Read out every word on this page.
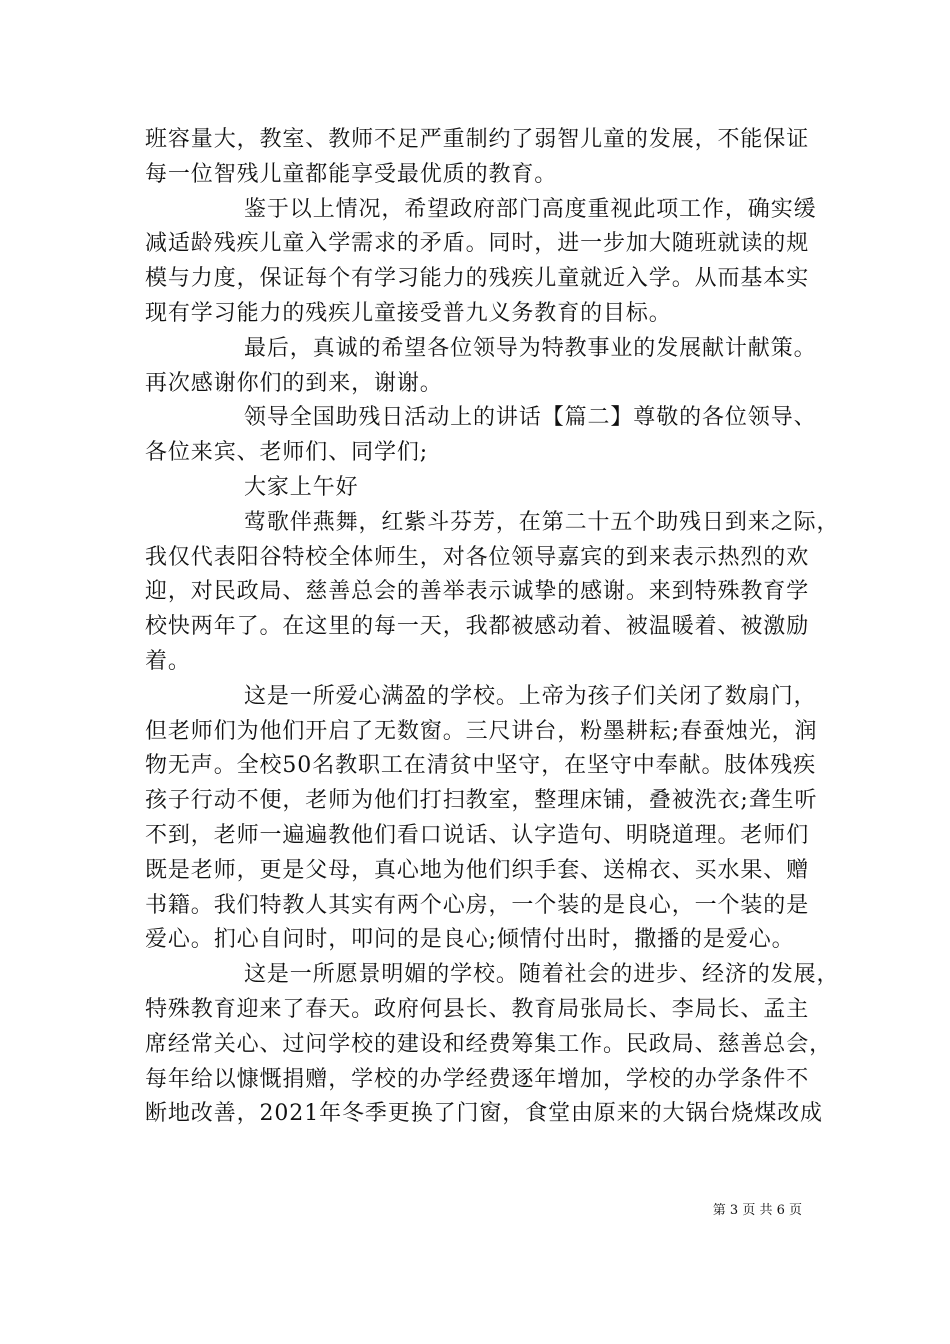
班容量大，教室、教师不足严重制约了弱智儿童的发展，不能保证
每一位智残儿童都能享受最优质的教育。
鉴于以上情况，希望政府部门高度重视此项工作，确实缓
减适龄残疾儿童入学需求的矛盾。同时，进一步加大随班就读的规
模与力度，保证每个有学习能力的残疾儿童就近入学。从而基本实
现有学习能力的残疾儿童接受普九义务教育的目标。
最后，真诚的希望各位领导为特教事业的发展献计献策。
再次感谢你们的到来，谢谢。
领导全国助残日活动上的讲话【篇二】尊敬的各位领导、
各位来宾、老师们、同学们;
大家上午好
莺歌伴燕舞，红紫斗芬芳，在第二十五个助残日到来之际，
我仅代表阳谷特校全体师生，对各位领导嘉宾的到来表示热烈的欢
迎，对民政局、慈善总会的善举表示诚挚的感谢。来到特殊教育学
校快两年了。在这里的每一天，我都被感动着、被温暖着、被激励
着。
这是一所爱心满盈的学校。上帝为孩子们关闭了数扇门，
但老师们为他们开启了无数窗。三尺讲台，粉墨耕耘;春蚕烛光，润
物无声。全校50名教职工在清贫中坚守，在坚守中奉献。肢体残疾
孩子行动不便，老师为他们打扫教室，整理床铺，叠被洗衣;聋生听
不到，老师一遍遍教他们看口说话、认字造句、明晓道理。老师们
既是老师，更是父母，真心地为他们织手套、送棉衣、买水果、赠
书籍。我们特教人其实有两个心房，一个装的是良心，一个装的是
爱心。扪心自问时，叩问的是良心;倾情付出时，撒播的是爱心。
这是一所愿景明媚的学校。随着社会的进步、经济的发展，
特殊教育迎来了春天。政府何县长、教育局张局长、李局长、孟主
席经常关心、过问学校的建设和经费筹集工作。民政局、慈善总会，
每年给以慷慨捐赠，学校的办学经费逐年增加，学校的办学条件不
断地改善，2021年冬季更换了门窗，食堂由原来的大锅台烧煤改成
第 3 页 共 6 页
